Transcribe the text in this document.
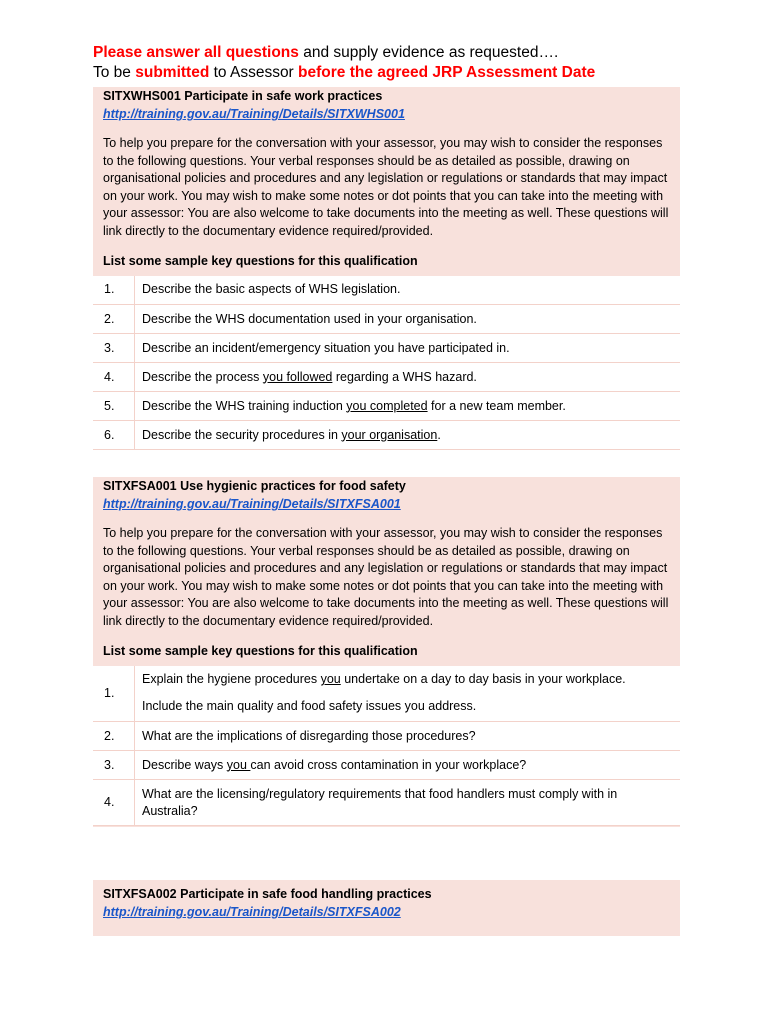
Please answer all questions and supply evidence as requested….
To be submitted to Assessor before the agreed JRP Assessment Date
SITXWHS001 Participate in safe work practices
http://training.gov.au/Training/Details/SITXWHS001
To help you prepare for the conversation with your assessor, you may wish to consider the responses to the following questions. Your verbal responses should be as detailed as possible, drawing on organisational policies and procedures and any legislation or regulations or standards that may impact on your work. You may wish to make some notes or dot points that you can take into the meeting with your assessor: You are also welcome to take documents into the meeting as well. These questions will link directly to the documentary evidence required/provided.
List some sample key questions for this qualification
1.	Describe the basic aspects of WHS legislation.
2.	Describe the WHS documentation used in your organisation.
3.	Describe an incident/emergency situation you have participated in.
4.	Describe the process you followed regarding a WHS hazard.
5.	Describe the WHS training induction you completed for a new team member.
6.	Describe the security procedures in your organisation.
SITXFSA001 Use hygienic practices for food safety
http://training.gov.au/Training/Details/SITXFSA001
To help you prepare for the conversation with your assessor, you may wish to consider the responses to the following questions. Your verbal responses should be as detailed as possible, drawing on organisational policies and procedures and any legislation or regulations or standards that may impact on your work. You may wish to make some notes or dot points that you can take into the meeting with your assessor: You are also welcome to take documents into the meeting as well. These questions will link directly to the documentary evidence required/provided.
List some sample key questions for this qualification
1.	Explain the hygiene procedures you undertake on a day to day basis in your workplace.
Include the main quality and food safety issues you address.

2.	What are the implications of disregarding those procedures?
3.	Describe ways you can avoid cross contamination in your workplace?
4.	What are the licensing/regulatory requirements that food handlers must comply with in Australia?
SITXFSA002 Participate in safe food handling practices
http://training.gov.au/Training/Details/SITXFSA002
